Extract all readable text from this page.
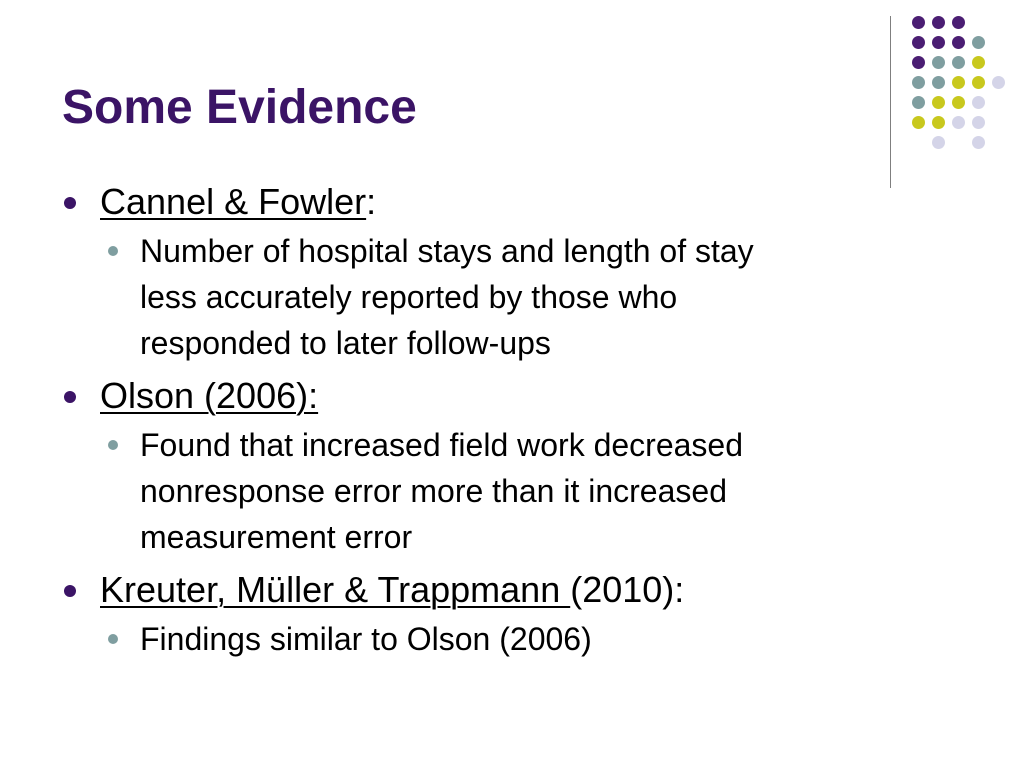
Some Evidence
Cannel & Fowler:
Number of hospital stays and length of stay
less accurately reported by those who
responded to later follow-ups
Olson (2006):
Found that increased field work decreased
nonresponse error more than it increased
measurement error
Kreuter, Müller & Trappmann (2010):
Findings similar to Olson (2006)
